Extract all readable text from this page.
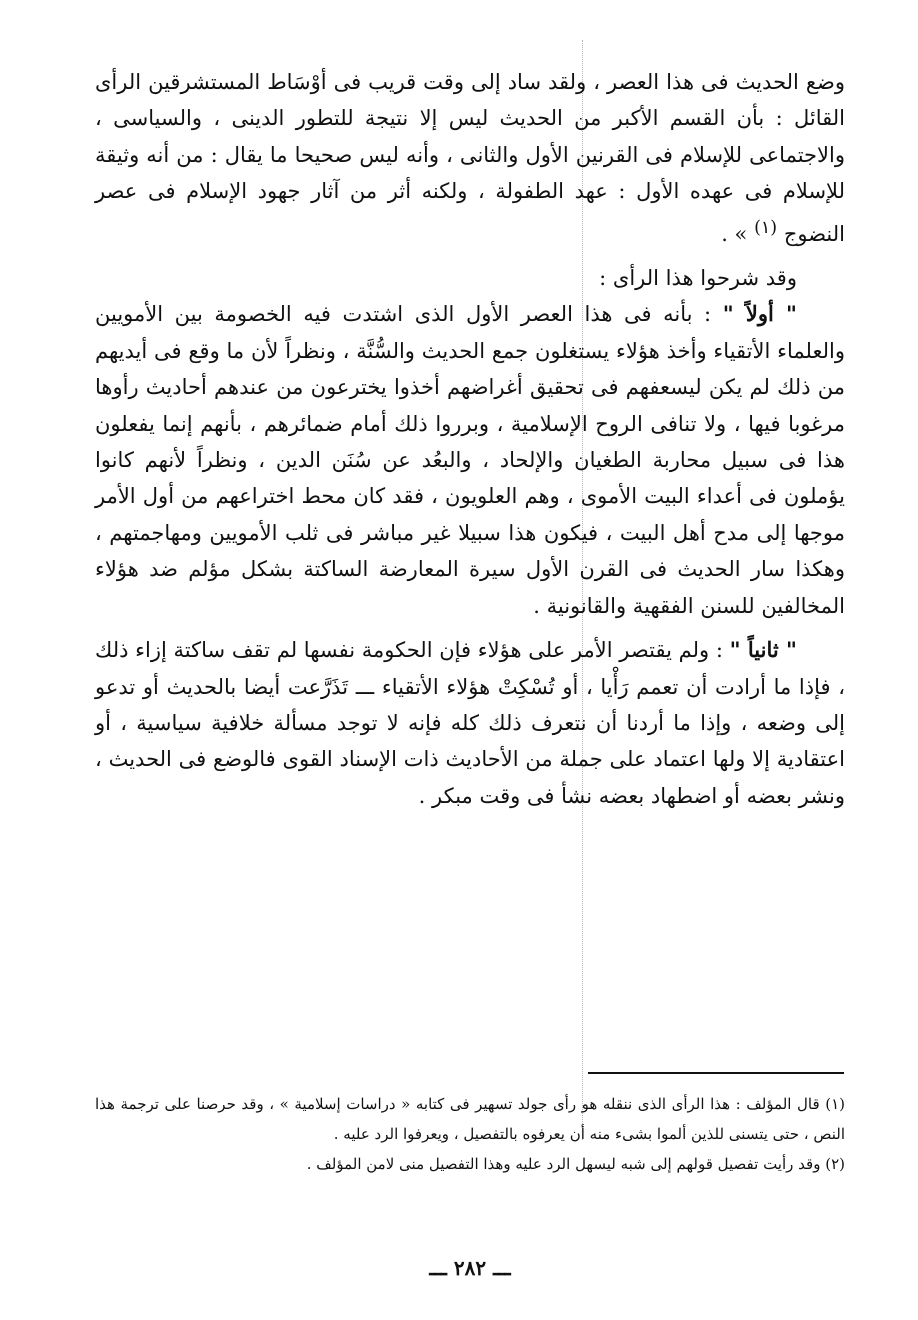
وضع الحديث فى هذا العصر ، ولقد ساد إلى وقت قريب فى أوْسَاط المستشرقين الرأى القائل : بأن القسم الأكبر من الحديث ليس إلا نتيجة للتطور الدينى ، والسياسى ، والاجتماعى للإسلام فى القرنين الأول والثانى ، وأنه ليس صحيحا ما يقال : من أنه وثيقة للإسلام فى عهده الأول : عهد الطفولة ، ولكنه أثر من آثار جهود الإسلام فى عصر النضوج $^{(١)}$ » .

وقد شرحوا هذا الرأى :

" أولاً " : بأنه فى هذا العصر الأول الذى اشتدت فيه الخصومة بين الأمويين والعلماء الأتقياء وأخذ هؤلاء يستغلون جمع الحديث والسُّنَّة ، ونظراً لأن ما وقع فى أيديهم من ذلك لم يكن ليسعفهم فى تحقيق أغراضهم أخذوا يخترعون من عندهم أحاديث رأوها مرغوبا فيها ، ولا تنافى الروح الإسلامية ، وبرروا ذلك أمام ضمائرهم ، بأنهم إنما يفعلون هذا فى سبيل محاربة الطغيان والإلحاد ، والبعُد عن سُنَن الدين ، ونظراً لأنهم كانوا يؤملون فى أعداء البيت الأموى ، وهم العلويون ، فقد كان محط اختراعهم من أول الأمر موجها إلى مدح أهل البيت ، فيكون هذا سبيلا غير مباشر فى ثلب الأمويين ومهاجمتهم ، وهكذا سار الحديث فى القرن الأول سيرة المعارضة الساكتة بشكل مؤلم ضد هؤلاء المخالفين للسنن الفقهية والقانونية .

" ثانياً " : ولم يقتصر الأمر على هؤلاء فإن الحكومة نفسها لم تقف ساكتة إزاء ذلك ، فإذا ما أرادت أن تعمم رَأْيا ، أو تُسْكِتْ هؤلاء الأتقياء ـــ تَذَرَّعت أيضا بالحديث أو تدعو إلى وضعه ، وإذا ما أردنا أن نتعرف ذلك كله فإنه لا توجد مسألة خلافية سياسية ، أو اعتقادية إلا ولها اعتماد على جملة من الأحاديث ذات الإسناد القوى فالوضع فى الحديث ، ونشر بعضه أو اضطهاد بعضه نشأ فى وقت مبكر .

(١) قال المؤلف : هذا الرأى الذى ننقله هو رأى جولد تسهير فى كتابه « دراسات إسلامية » ، وقد حرصنا على ترجمة هذا النص ، حتى يتسنى للذين ألموا بشىء منه أن يعرفوه بالتفصيل ، ويعرفوا الرد عليه .

(٢) وقد رأيت تفصيل قولهم إلى شبه ليسهل الرد عليه وهذا التفصيل منى لامن المؤلف .

ـــ ٢٨٢ ـــ
